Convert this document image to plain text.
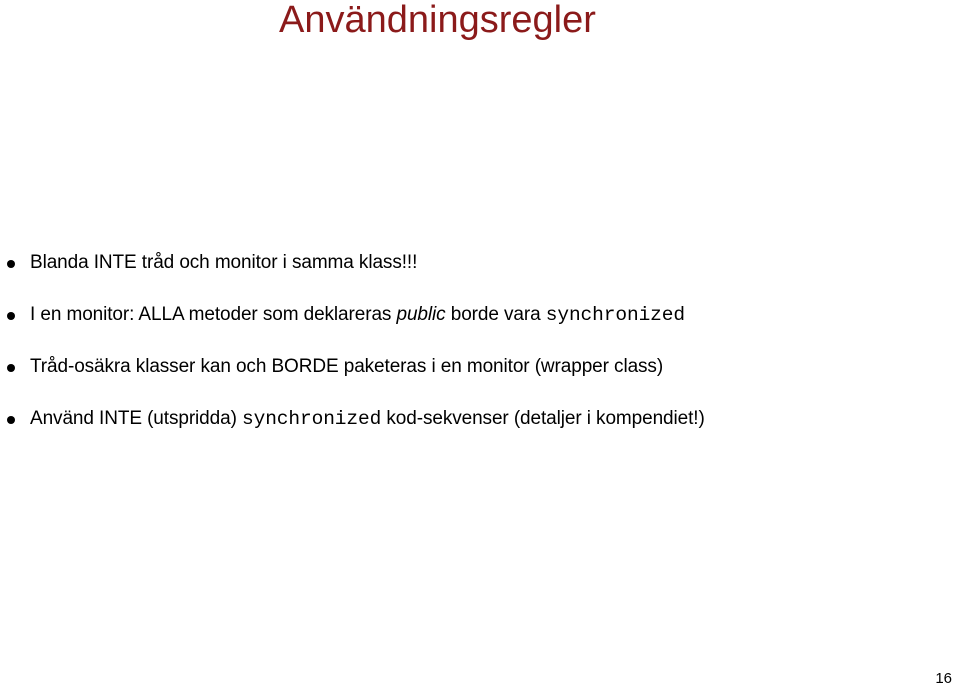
Användningsregler
Blanda INTE tråd och monitor i samma klass!!!
I en monitor: ALLA metoder som deklareras public borde vara synchronized
Tråd-osäkra klasser kan och BORDE paketeras i en monitor (wrapper class)
Använd INTE (utspridda) synchronized kod-sekvenser (detaljer i kompendiet!)
16
